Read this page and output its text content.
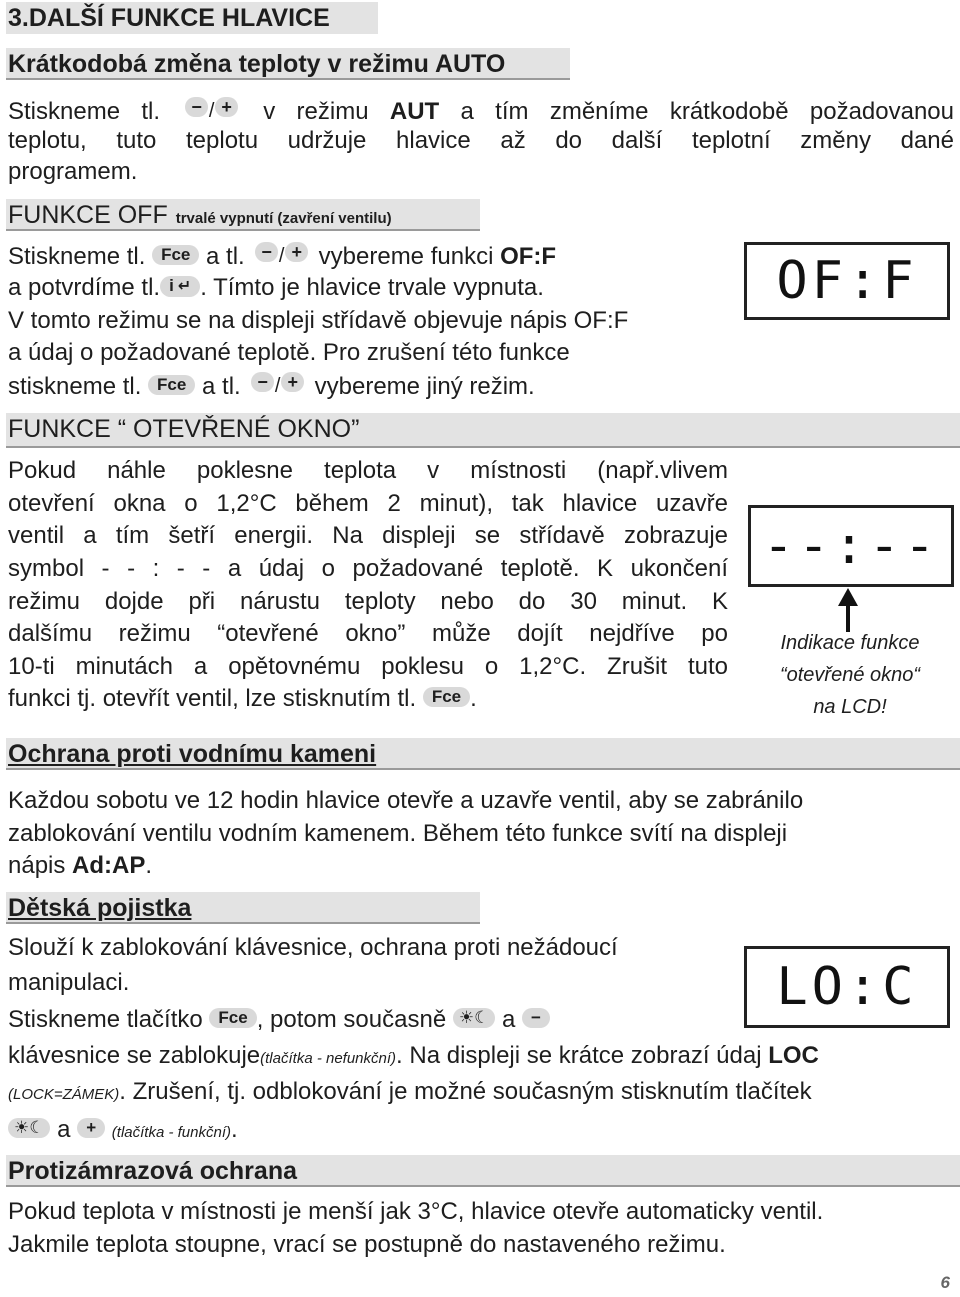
3.DALŠÍ FUNKCE HLAVICE
Krátkodobá změna teploty v režimu AUTO
Stiskneme tl. − / + v režimu AUT a tím změníme krátkodobě požadovanou
teplotu, tuto teplotu udržuje hlavice až do další teplotní změny dané
programem.
FUNKCE OFF trvalé vypnutí (zavření ventilu)
Stiskneme tl. Fce a tl. − / + vybereme funkci OF:F
a potvrdíme tl. i ↵ . Tímto je hlavice trvale vypnuta.
V tomto režimu se na displeji střídavě objevuje nápis OF:F
a údaj o požadované teplotě. Pro zrušení této funkce
stiskneme tl. Fce a tl. − / + vybereme jiný režim.
OF:F
FUNKCE “ OTEVŘENÉ OKNO”
Pokud náhle poklesne teplota v místnosti (např.vlivem
otevření okna o 1,2°C během 2 minut), tak hlavice uzavře
ventil a tím šetří energii. Na displeji se střídavě zobrazuje
symbol - - : - - a údaj o požadované teplotě. K ukončení
režimu dojde při nárustu teploty nebo do 30 minut. K
dalšímu režimu “otevřené okno” může dojít nejdříve po
10-ti minutách a opětovnému poklesu o 1,2°C. Zrušit tuto
funkci tj. otevřít ventil, lze stisknutím tl. Fce .
--:--
Indikace funkce
“otevřené okno“
na LCD!
Ochrana proti vodnímu kameni
Každou sobotu ve 12 hodin hlavice otevře a uzavře ventil, aby se zabránilo
zablokování ventilu vodním kamenem. Během této funkce svítí na displeji
nápis Ad:AP.
Dětská pojistka
Slouží k zablokování klávesnice, ochrana proti nežádoucí
manipulaci.
Stiskneme tlačítko Fce , potom současně ☀☾ a −
klávesnice se zablokuje(tlačítka - nefunkční). Na displeji se krátce zobrazí údaj LOC
(LOCK=ZÁMEK). Zrušení, tj. odblokování je možné současným stisknutím tlačítek
☀☾ a + (tlačítka - funkční).
LO:C
Protizámrazová ochrana
Pokud teplota v místnosti je menší jak 3°C, hlavice otevře automaticky ventil.
Jakmile teplota stoupne, vrací se postupně do nastaveného režimu.
6
